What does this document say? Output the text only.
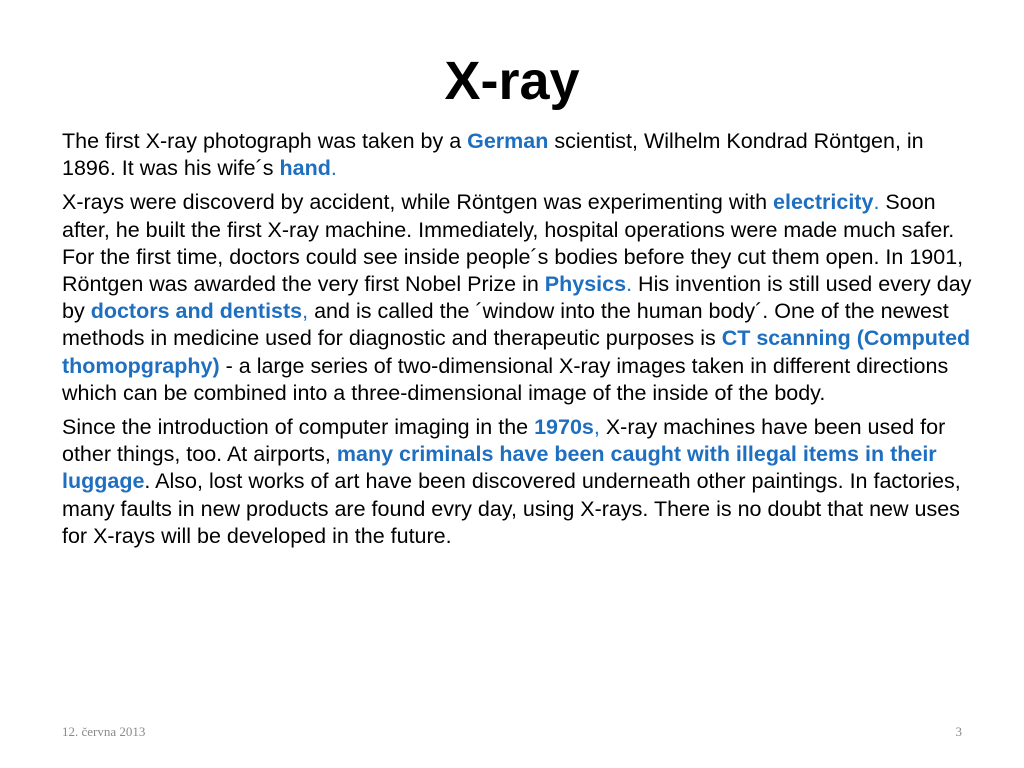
X-ray

The first X-ray photograph was taken by a German scientist, Wilhelm Kondrad Röntgen, in 1896. It was his wife´s hand.

X-rays were discoverd by accident, while Röntgen was experimenting with electricity. Soon after, he built the first X-ray machine. Immediately, hospital operations were made much safer. For the first time, doctors could see inside people´s bodies before they cut them open. In 1901, Röntgen was awarded the very first Nobel Prize in Physics. His invention is still used every day by doctors and dentists, and is called the ´window into the human body´. One of the newest methods in medicine used for diagnostic and therapeutic purposes is CT scanning (Computed thomopgraphy) - a large series of two-dimensional X-ray images taken in different directions which can be combined into a three-dimensional image of the inside of the body.

Since the introduction of computer imaging in the 1970s, X-ray machines have been used for other things, too. At airports, many criminals have been caught with illegal items in their luggage. Also, lost works of art have been discovered underneath other paintings. In factories, many faults in new products are found evry day, using X-rays. There is no doubt that new uses for X-rays will be developed in the future.

12. června 2013	3
